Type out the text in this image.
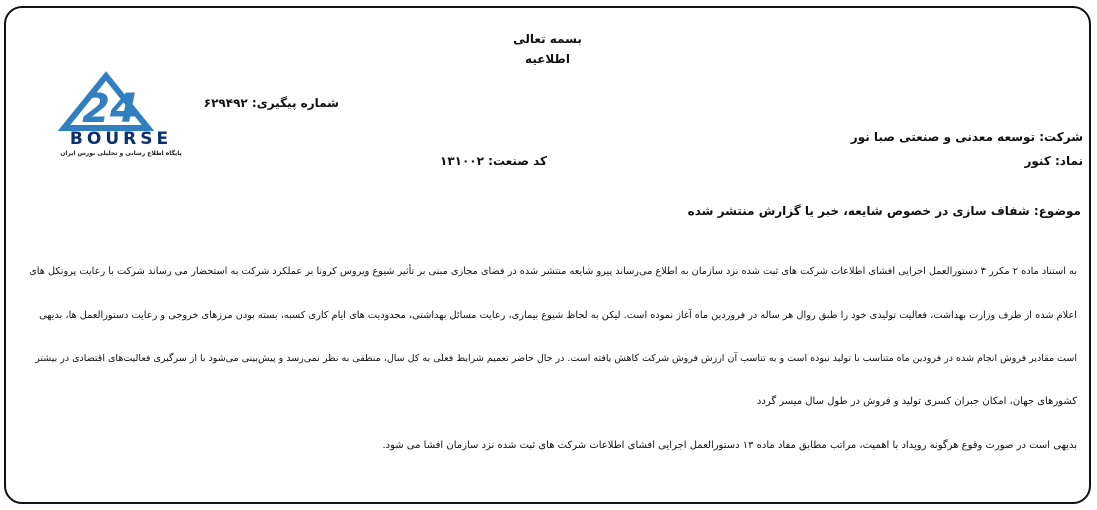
بسمه تعالی
اطلاعیه
24
BOURSE
پایگاه اطلاع رسانی و تحلیلی بورس ایران
شماره پیگیری: ۶۲۹۴۹۲
شرکت: توسعه معدنی و صنعتی صبا نور
نماد: کنور
کد صنعت: ۱۳۱۰۰۲
موضوع: شفاف سازی در خصوص شایعه، خبر یا گزارش منتشر شده
به استناد ماده ۲ مکرر ۳ دستورالعمل اجرایی افشای اطلاعات شرکت های ثبت شده نزد سازمان به اطلاع می‌رساند پیرو شایعه منتشر شده در فضای مجازی مبنی بر تأثیر شیوع ویروس کرونا بر عملکرد شرکت به استحضار می رساند شرکت با رعایت پروتکل های
اعلام شده از طرف وزارت بهداشت، فعالیت تولیدی خود را طبق روال هر ساله در فروردین ماه آغاز نموده است. لیکن به لحاظ شیوع بیماری، رعایت مسائل بهداشتی، محدودیت های ایام کاری کسبه، بسته بودن مرزهای خروجی و رعایت دستورالعمل ها، بدیهی
است مقادیر فروش انجام شده در فرودین ماه متناسب با تولید نبوده است و به تناسب آن ارزش فروش شرکت کاهش یافته است. در حال حاضر تعمیم شرایط فعلی به کل سال، منطقی به نظر نمی‌رسد و پیش‌بینی می‌شود با از سرگیری فعالیت‌های اقتصادی در بیشتر
کشورهای جهان، امکان جبران کسری تولید و فروش در طول سال میسر گردد
بدیهی است در صورت وقوع هرگونه رویداد با اهمیت، مراتب مطابق مفاد ماده ۱۳ دستورالعمل اجرایی افشای اطلاعات شرکت های ثبت شده نزد سازمان افشا می شود.
